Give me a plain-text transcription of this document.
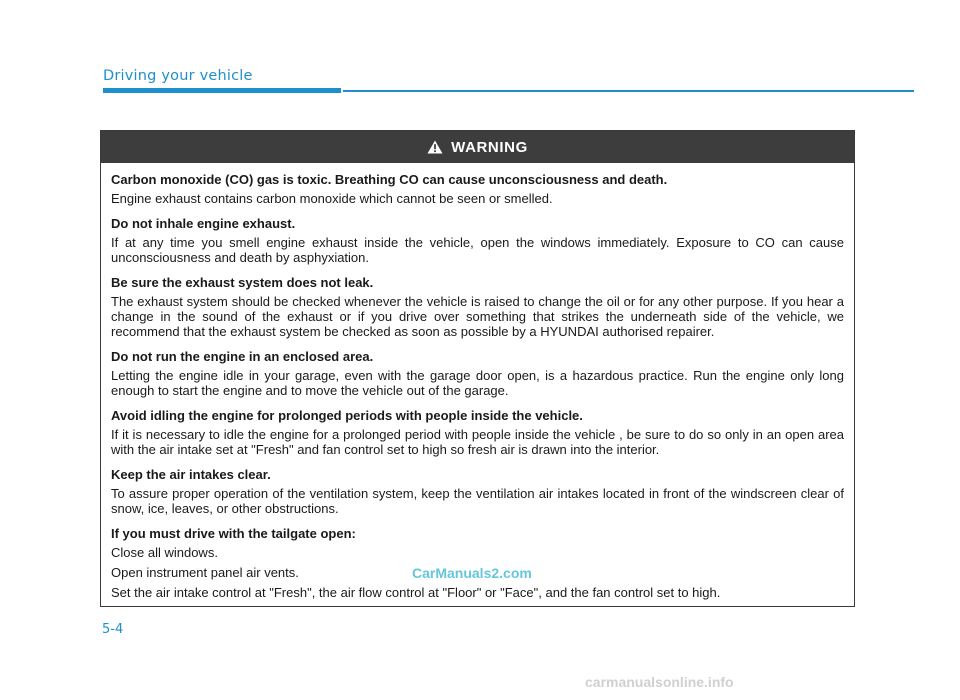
Driving your vehicle
WARNING

Carbon monoxide (CO) gas is toxic. Breathing CO can cause unconsciousness and death.

Engine exhaust contains carbon monoxide which cannot be seen or smelled.

Do not inhale engine exhaust.

If at any time you smell engine exhaust inside the vehicle, open the windows immediately. Exposure to CO can cause unconsciousness and death by asphyxiation.

Be sure the exhaust system does not leak.

The exhaust system should be checked whenever the vehicle is raised to change the oil or for any other purpose. If you hear a change in the sound of the exhaust or if you drive over something that strikes the underneath side of the vehicle, we recommend that the exhaust system be checked as soon as possible by a HYUNDAI authorised repairer.

Do not run the engine in an enclosed area.

Letting the engine idle in your garage, even with the garage door open, is a hazardous practice. Run the engine only long enough to start the engine and to move the vehicle out of the garage.

Avoid idling the engine for prolonged periods with people inside the vehicle.

If it is necessary to idle the engine for a prolonged period with people inside the vehicle , be sure to do so only in an open area with the air intake set at "Fresh" and fan control set to high so fresh air is drawn into the interior.

Keep the air intakes clear.

To assure proper operation of the ventilation system, keep the ventilation air intakes located in front of the windscreen clear of snow, ice, leaves, or other obstructions.

If you must drive with the tailgate open:

Close all windows.

Open instrument panel air vents.

Set the air intake control at "Fresh", the air flow control at "Floor" or "Face", and the fan control set to high.

CarManuals2.com
5-4
carmanualsonline.info
